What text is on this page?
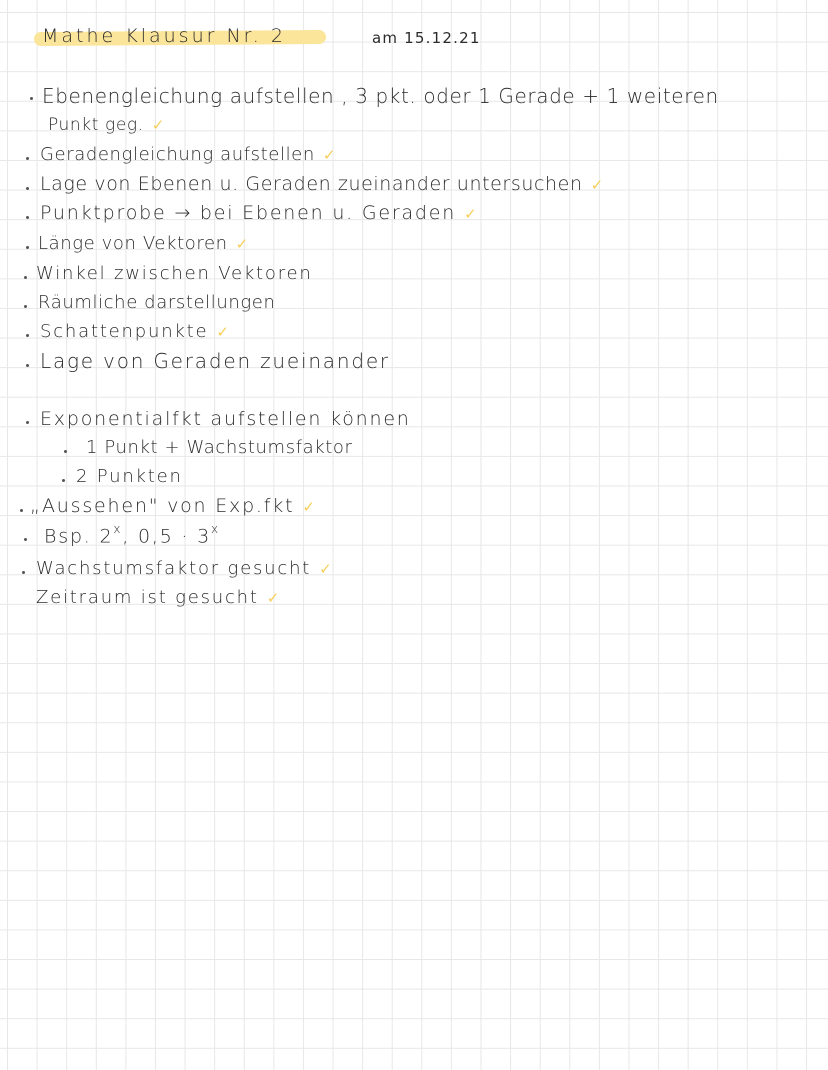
Mathe Klausur Nr. 2	am 15.12.21
Ebenengleichung aufstellen , 3 pkt. oder 1 Gerade + 1 weiteren
Punkt geg. ✓
Geradengleichung aufstellen ✓
Lage von Ebenen u. Geraden zueinander untersuchen ✓
Punktprobe → bei Ebenen u. Geraden ✓
Länge von Vektoren ✓
Winkel zwischen Vektoren
Räumliche darstellungen
Schattenpunkte ✓
Lage von Geraden zueinander
Exponentialfkt aufstellen können
1 Punkt + Wachstumsfaktor
2 Punkten
„Aussehen" von Exp.fkt ✓
Bsp. 2$^x$, $0,5 \cdot 3^x$
Wachstumsfaktor gesucht ✓
Zeitraum ist gesucht ✓
